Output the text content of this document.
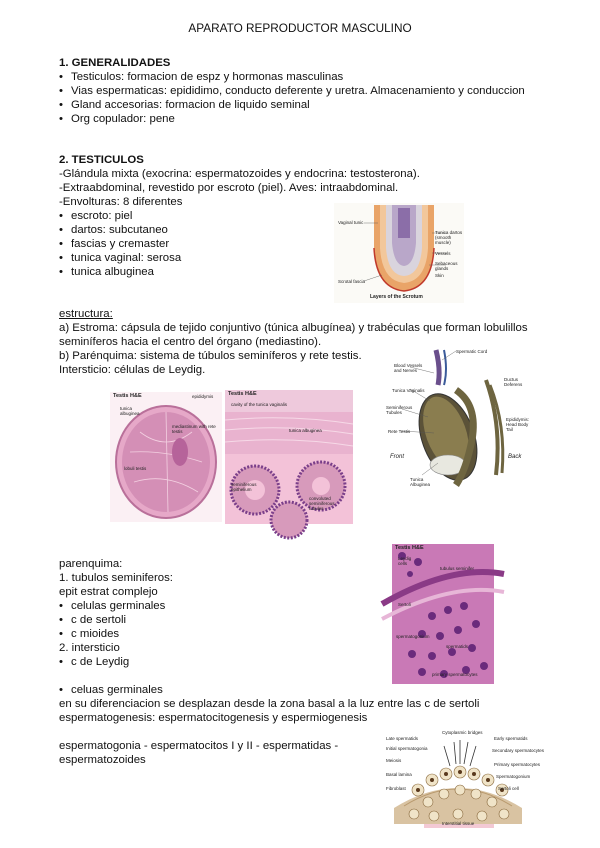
APARATO REPRODUCTOR MASCULINO
1. GENERALIDADES
• Testiculos: formacion de espz y hormonas masculinas
• Vias espermaticas: epididimo, conducto deferente y uretra. Almacenamiento y conduccion
• Gland accesorias: formacion de liquido seminal
• Org copulador: pene
2. TESTICULOS
-Glándula mixta (exocrina: espermatozoides y endocrina: testosterona).
-Extraabdominal, revestido por escroto (piel). Aves: intraabdominal.
-Envolturas: 8 diferentes
• escroto: piel
• dartos: subcutaneo
• fascias y cremaster
• tunica vaginal: serosa
• tunica albuginea
Vaginal tunic
Tunica dartos (smooth muscle)
Vessels
Sebaceous glands
Skin
Scrotal fascia
Layers of the Scrotum
estructura:
a) Estroma: cápsula de tejido conjuntivo (túnica albugínea) y trabéculas que forman lobulillos
seminíferos hacia el centro del órgano (mediastino).
b) Parénquima: sistema de túbulos seminíferos y rete testis.
Intersticio: células de Leydig.
Spermatic Cord
Blood Vessels and Nerves
Ductus Deferens
Tunica Vaginalis
Seminiferous Tubules
Rete Testis
Epididymis: Head Body Tail
Front	Back
Tunica Albuginea
Testis H&E	epididymis
tunica albuginea
mediastinum with rete testis
lobuli testis
Testis H&E
cavity of the tunica vaginalis
tunica albuginea
seminiferous epithelium
convoluted seminiferous tubules
parenquima:
1. tubulos seminiferos:
epit estrat complejo
• celulas germinales
• c de sertoli
• c mioides
2. intersticio
• c de Leydig
Testis H&E
Leydig cells
tubulus seminifer
Sertoli
spermatogonium
spermatids
primary spermatocytes
• celuas germinales
en su diferenciacion se desplazan desde la zona basal a la luz entre las c de sertoli
espermatogenesis: espermatocitogenesis y espermiogenesis
espermatogonia - espermatocitos I y II - espermatidas -
espermatozoides
Late spermatids	Early spermatids
Initial spermatogonia	Secondary spermatocytes
Meiosis
Primary spermatocytes
Basal lamina	Spermatogonium
Fibroblast	Sertoli cell
Cytoplasmic bridges
Interstitial tissue
